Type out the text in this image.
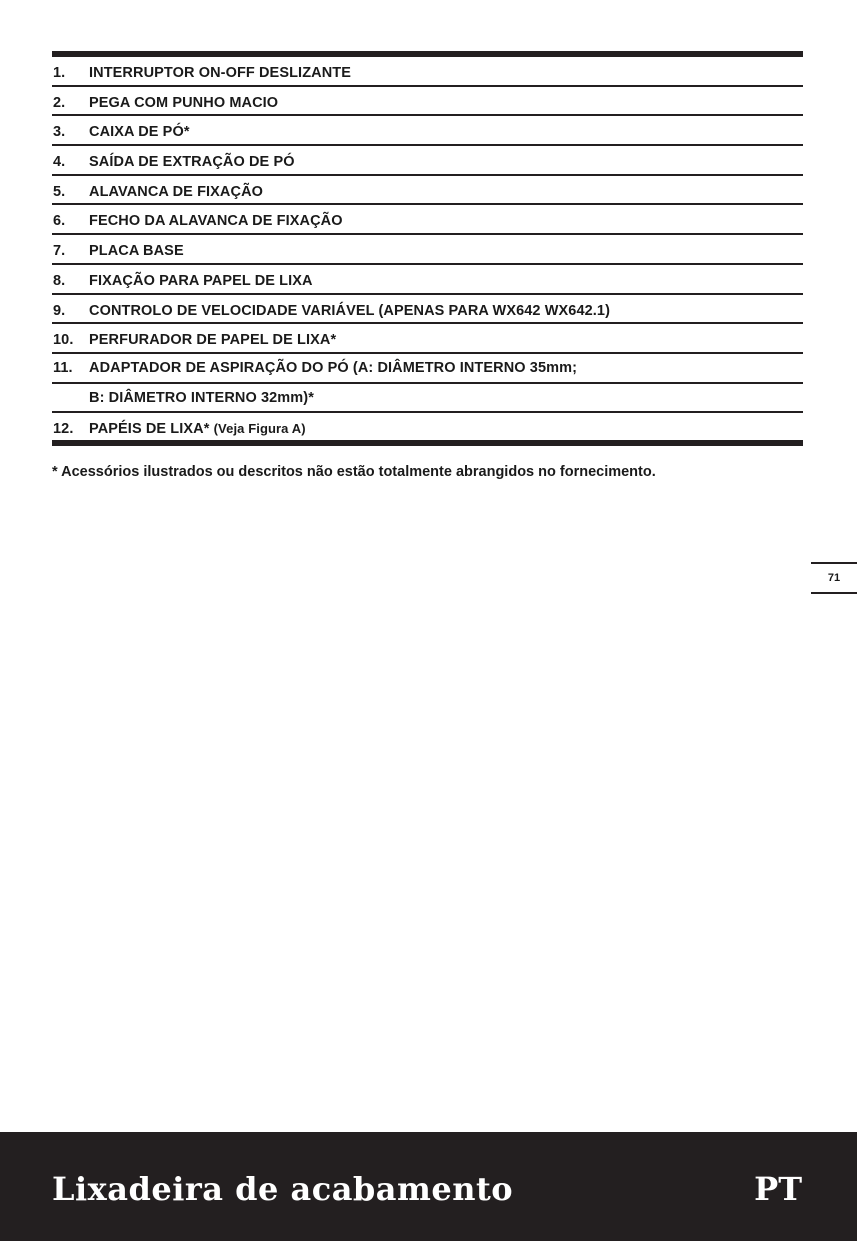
1.	INTERRUPTOR ON-OFF DESLIZANTE
2.	PEGA COM PUNHO MACIO
3.	CAIXA DE PÓ*
4.	SAÍDA DE EXTRAÇÃO DE PÓ
5.	ALAVANCA DE FIXAÇÃO
6.	FECHO DA ALAVANCA DE FIXAÇÃO
7.	PLACA BASE
8.	FIXAÇÃO PARA PAPEL DE LIXA
9.	CONTROLO DE VELOCIDADE VARIÁVEL (APENAS PARA WX642 WX642.1)
10.	PERFURADOR DE PAPEL DE LIXA*
11.	ADAPTADOR DE ASPIRAÇÃO DO PÓ (A: DIÂMETRO INTERNO 35mm;
B: DIÂMETRO INTERNO 32mm)*
12.	PAPÉIS DE LIXA* (Veja Figura A)
* Acessórios ilustrados ou descritos não estão totalmente abrangidos no fornecimento.
71
Lixadeira de acabamento	PT
